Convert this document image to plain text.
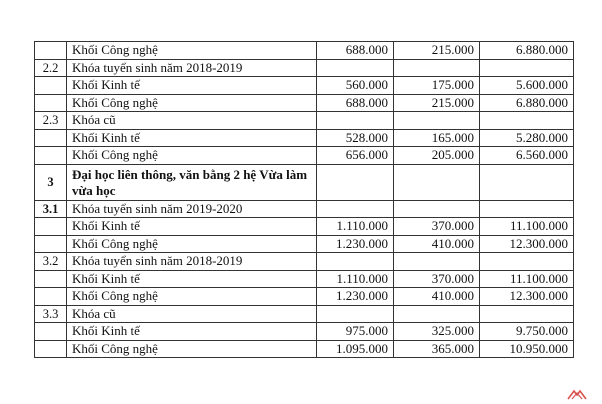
	Khối Công nghệ	688.000	215.000	6.880.000
2.2	Khóa tuyển sinh năm 2018-2019			
	Khối Kinh tế	560.000	175.000	5.600.000
	Khối Công nghệ	688.000	215.000	6.880.000
2.3	Khóa cũ			
	Khối Kinh tế	528.000	165.000	5.280.000
	Khối Công nghệ	656.000	205.000	6.560.000
3	Đại học liên thông, văn bằng 2 hệ Vừa làm vừa học			
3.1	Khóa tuyển sinh năm 2019-2020			
	Khối Kinh tế	1.110.000	370.000	11.100.000
	Khối Công nghệ	1.230.000	410.000	12.300.000
3.2	Khóa tuyển sinh năm 2018-2019			
	Khối Kinh tế	1.110.000	370.000	11.100.000
	Khối Công nghệ	1.230.000	410.000	12.300.000
3.3	Khóa cũ			
	Khối Kinh tế	975.000	325.000	9.750.000
	Khối Công nghệ	1.095.000	365.000	10.950.000
